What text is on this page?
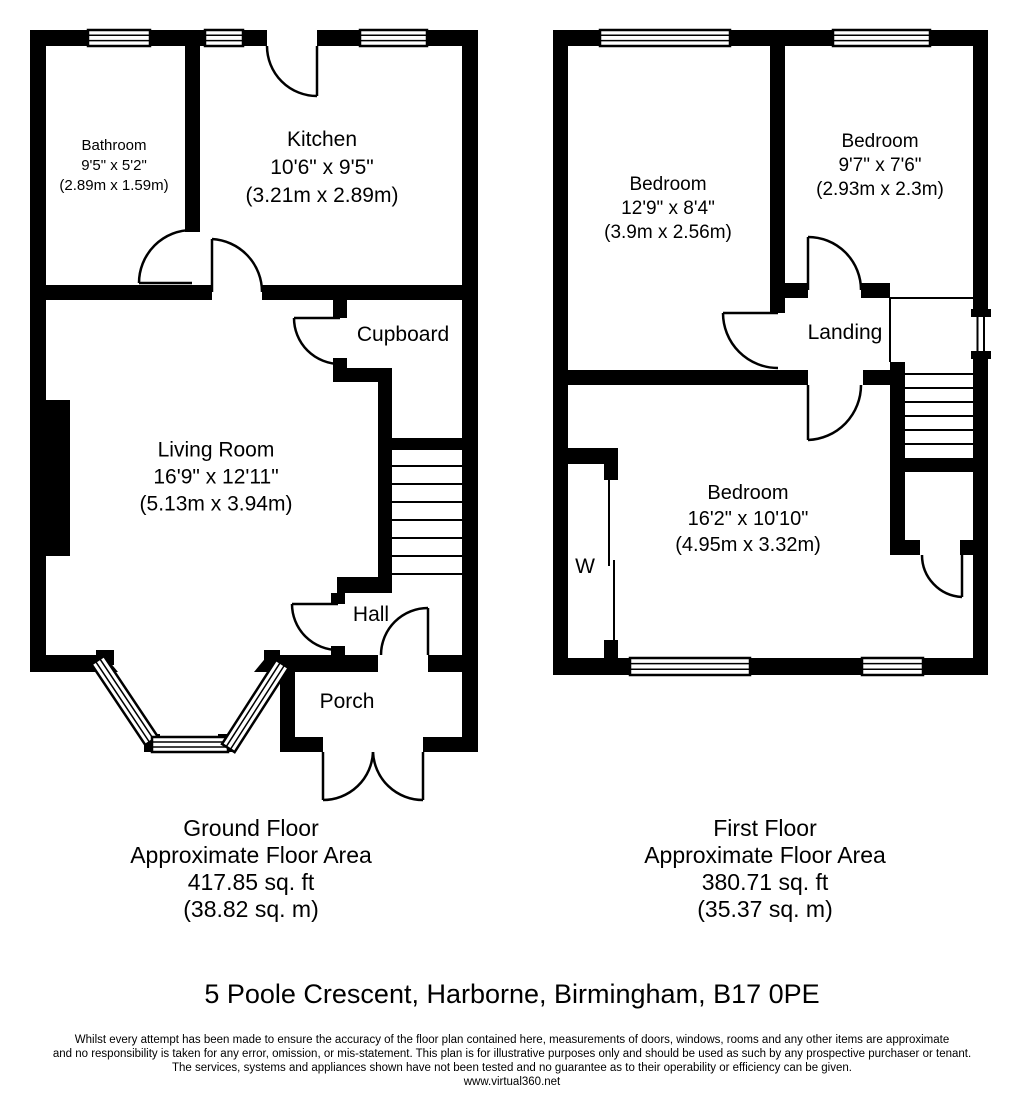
Bathroom
9'5" x 5'2"
(2.89m x 1.59m)
Kitchen
10'6" x 9'5"
(3.21m x 2.89m)
Living Room
16'9" x 12'11"
(5.13m x 3.94m)
Cupboard
Hall
Porch
Bedroom
12'9" x 8'4"
(3.9m x 2.56m)
Bedroom
9'7" x 7'6"
(2.93m x 2.3m)
Bedroom
16'2" x 10'10"
(4.95m x 3.32m)
Landing
W
Ground Floor
Approximate Floor Area
417.85 sq. ft
(38.82 sq. m)
First Floor
Approximate Floor Area
380.71 sq. ft
(35.37 sq. m)
5 Poole Crescent, Harborne, Birmingham, B17 0PE
Whilst every attempt has been made to ensure the accuracy of the floor plan contained here, measurements of doors, windows, rooms and any other items are approximate
and no responsibility is taken for any error, omission, or mis-statement. This plan is for illustrative purposes only and should be used as such by any prospective purchaser or tenant.
The services, systems and appliances shown have not been tested and no guarantee as to their operability or efficiency can be given.
www.virtual360.net
